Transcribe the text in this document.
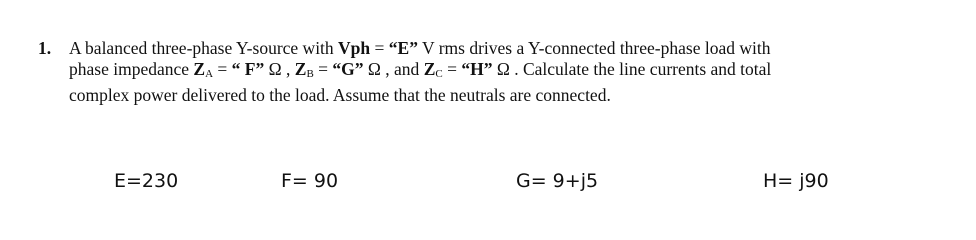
1. A balanced three-phase Y-source with Vph = “E” V rms drives a Y-connected three-phase load with
phase impedance ZA = “ F” Ω , ZB = “G” Ω , and ZC = “H” Ω . Calculate the line currents and total
complex power delivered to the load. Assume that the neutrals are connected.
E=230	F= 90	G= 9+j5	H= j90
